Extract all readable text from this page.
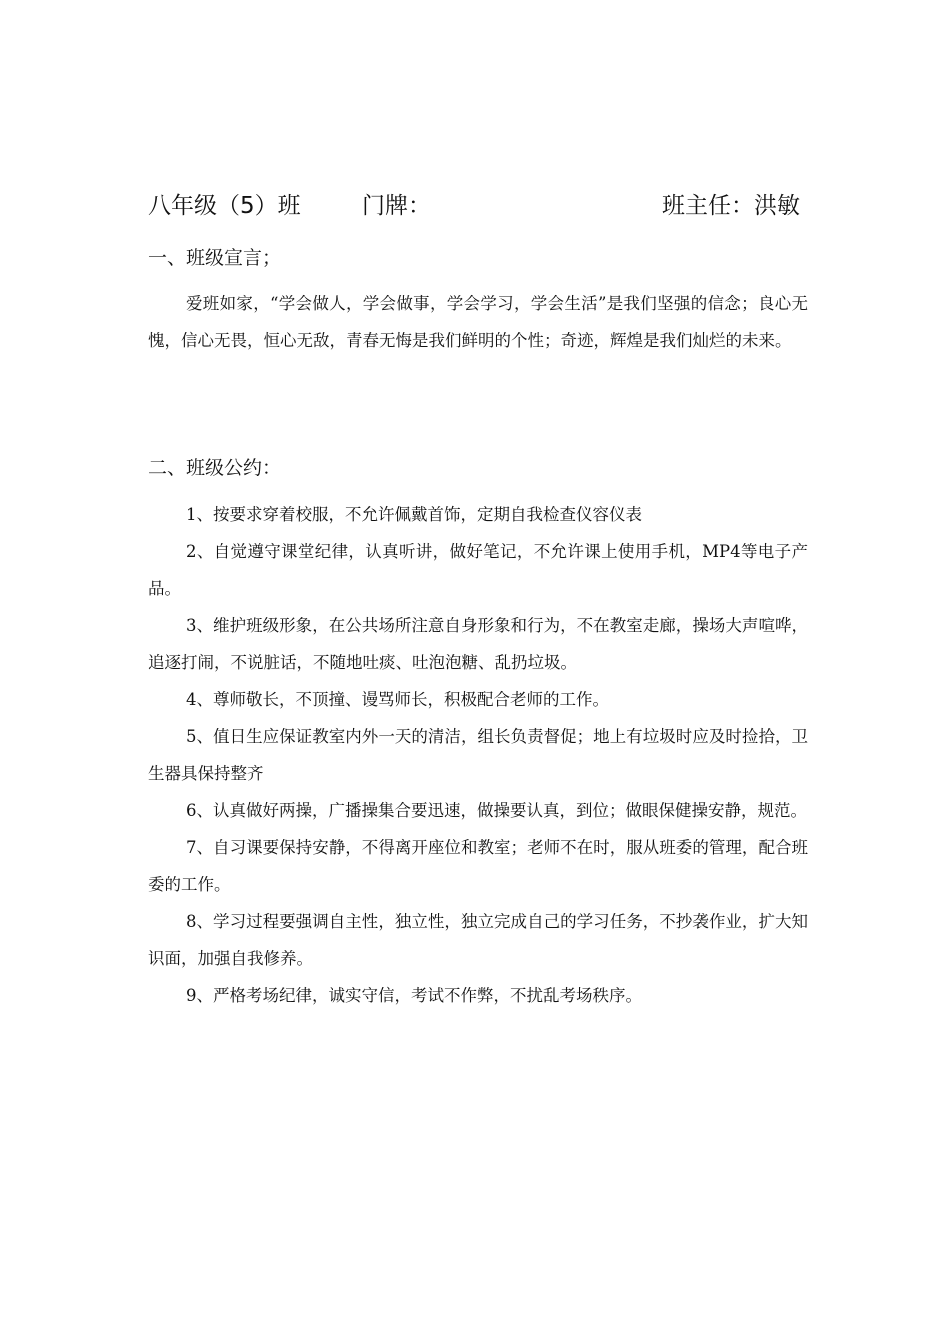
八年级（5）班	门牌：	班主任：洪敏
一、班级宣言；

爱班如家，“学会做人，学会做事，学会学习，学会生活”是我们坚强的信念；良心无愧，信心无畏，恒心无敌，青春无悔是我们鲜明的个性；奇迹，辉煌是我们灿烂的未来。

二、班级公约：

1、按要求穿着校服，不允许佩戴首饰，定期自我检查仪容仪表

2、自觉遵守课堂纪律，认真听讲，做好笔记，不允许课上使用手机，MP4等电子产品。

3、维护班级形象，在公共场所注意自身形象和行为，不在教室走廊，操场大声喧哗，追逐打闹，不说脏话，不随地吐痰、吐泡泡糖、乱扔垃圾。

4、尊师敬长，不顶撞、谩骂师长，积极配合老师的工作。

5、值日生应保证教室内外一天的清洁，组长负责督促；地上有垃圾时应及时捡拾，卫生器具保持整齐

6、认真做好两操，广播操集合要迅速，做操要认真，到位；做眼保健操安静，规范。

7、自习课要保持安静，不得离开座位和教室；老师不在时，服从班委的管理，配合班委的工作。

8、学习过程要强调自主性，独立性，独立完成自己的学习任务，不抄袭作业，扩大知识面，加强自我修养。

9、严格考场纪律，诚实守信，考试不作弊，不扰乱考场秩序。
